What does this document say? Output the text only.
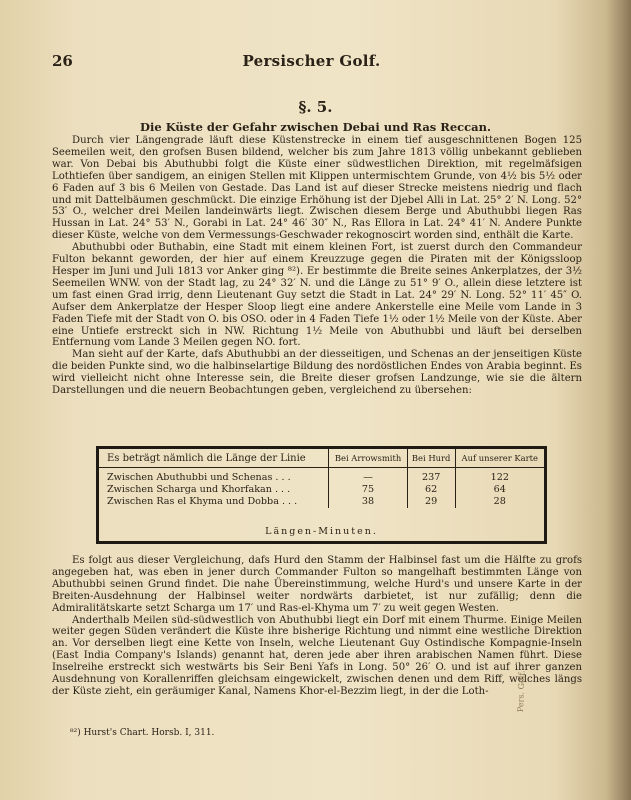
26	Persischer Golf.
§. 5.
Die Küste der Gefahr zwischen Debai und Ras Reccan.

Durch vier Längengrade läuft diese Küstenstrecke in einem tief ausgeschnittenen Bogen 125 Seemeilen weit, den grofsen Busen bildend, welcher bis zum Jahre 1813 völlig unbekannt geblieben war. Von Debai bis Abuthubbi folgt die Küste einer südwestlichen Direktion, mit regelmäfsigen Lothtiefen über sandigem, an einigen Stellen mit Klippen untermischtem Grunde, von 4½ bis 5½ oder 6 Faden auf 3 bis 6 Meilen von Gestade. Das Land ist auf dieser Strecke meistens niedrig und flach und mit Dattelbäumen geschmückt. Die einzige Erhöhung ist der Djebel Alli in Lat. 25° 2′ N. Long. 52° 53′ O., welcher drei Meilen landeinwärts liegt. Zwischen diesem Berge und Abuthubbi liegen Ras Hussan in Lat. 24° 53′ N., Gorabi in Lat. 24° 46′ 30″ N., Ras Ellora in Lat. 24° 41′ N. Andere Punkte dieser Küste, welche von dem Vermessungs-Geschwader rekognoscirt worden sind, enthält die Karte.

Abuthubbi oder Buthabin, eine Stadt mit einem kleinen Fort, ist zuerst durch den Commandeur Fulton bekannt geworden, der hier auf einem Kreuzzuge gegen die Piraten mit der Königssloop Hesper im Juni und Juli 1813 vor Anker ging ⁸²). Er bestimmte die Breite seines Ankerplatzes, der 3½ Seemeilen WNW. von der Stadt lag, zu 24° 32′ N. und die Länge zu 51° 9′ O., allein diese letztere ist um fast einen Grad irrig, denn Lieutenant Guy setzt die Stadt in Lat. 24° 29′ N. Long. 52° 11′ 45″ O. Aufser dem Ankerplatze der Hesper Sloop liegt eine andere Ankerstelle eine Meile vom Lande in 3 Faden Tiefe mit der Stadt von O. bis OSO. oder in 4 Faden Tiefe 1½ oder 1½ Meile von der Küste. Aber eine Untiefe erstreckt sich in NW. Richtung 1½ Meile von Abuthubbi und läuft bei derselben Entfernung vom Lande 3 Meilen gegen NO. fort.

Man sieht auf der Karte, dafs Abuthubbi an der diesseitigen, und Schenas an der jenseitigen Küste die beiden Punkte sind, wo die halbinselartige Bildung des nordöstlichen Endes von Arabia beginnt. Es wird vielleicht nicht ohne Interesse sein, die Breite dieser grofsen Landzunge, wie sie die ältern Darstellungen und die neuern Beobachtungen geben, vergleichend zu übersehen:

Es beträgt nämlich die Länge der Linie	Bei Arrowsmith	Bei Hurd	Auf unserer Karte
Zwischen Abuthubbi und Schenas . . .	—	237	122
Zwischen Scharga und Khorfakan . . .	75	62	64
Zwischen Ras el Khyma und Dobba . . .	38	29	28
Längen-Minuten.

Es folgt aus dieser Vergleichung, dafs Hurd den Stamm der Halbinsel fast um die Hälfte zu grofs angegeben hat, was eben in jener durch Commander Fulton so mangelhaft bestimmten Länge von Abuthubbi seinen Grund findet. Die nahe Übereinstimmung, welche Hurd's und unsere Karte in der Breiten-Ausdehnung der Halbinsel weiter nordwärts darbietet, ist nur zufällig; denn die Admiralitätskarte setzt Scharga um 17′ und Ras-el-Khyma um 7′ zu weit gegen Westen.

Anderthalb Meilen süd-südwestlich von Abuthubbi liegt ein Dorf mit einem Thurme. Einige Meilen weiter gegen Süden verändert die Küste ihre bisherige Richtung und nimmt eine westliche Direktion an. Vor derselben liegt eine Kette von Inseln, welche Lieutenant Guy Ostindische Kompagnie-Inseln (East India Company's Islands) genannt hat, deren jede aber ihren arabischen Namen führt. Diese Inselreihe erstreckt sich westwärts bis Seir Beni Yafs in Long. 50° 26′ O. und ist auf ihrer ganzen Ausdehnung von Korallenriffen gleichsam eingewickelt, zwischen denen und dem Riff, welches längs der Küste zieht, ein geräumiger Kanal, Namens Khor-el-Bezzim liegt, in der die Loth-

⁸²) Hurst's Chart. Horsb. I, 311.
Pers. Golf.
